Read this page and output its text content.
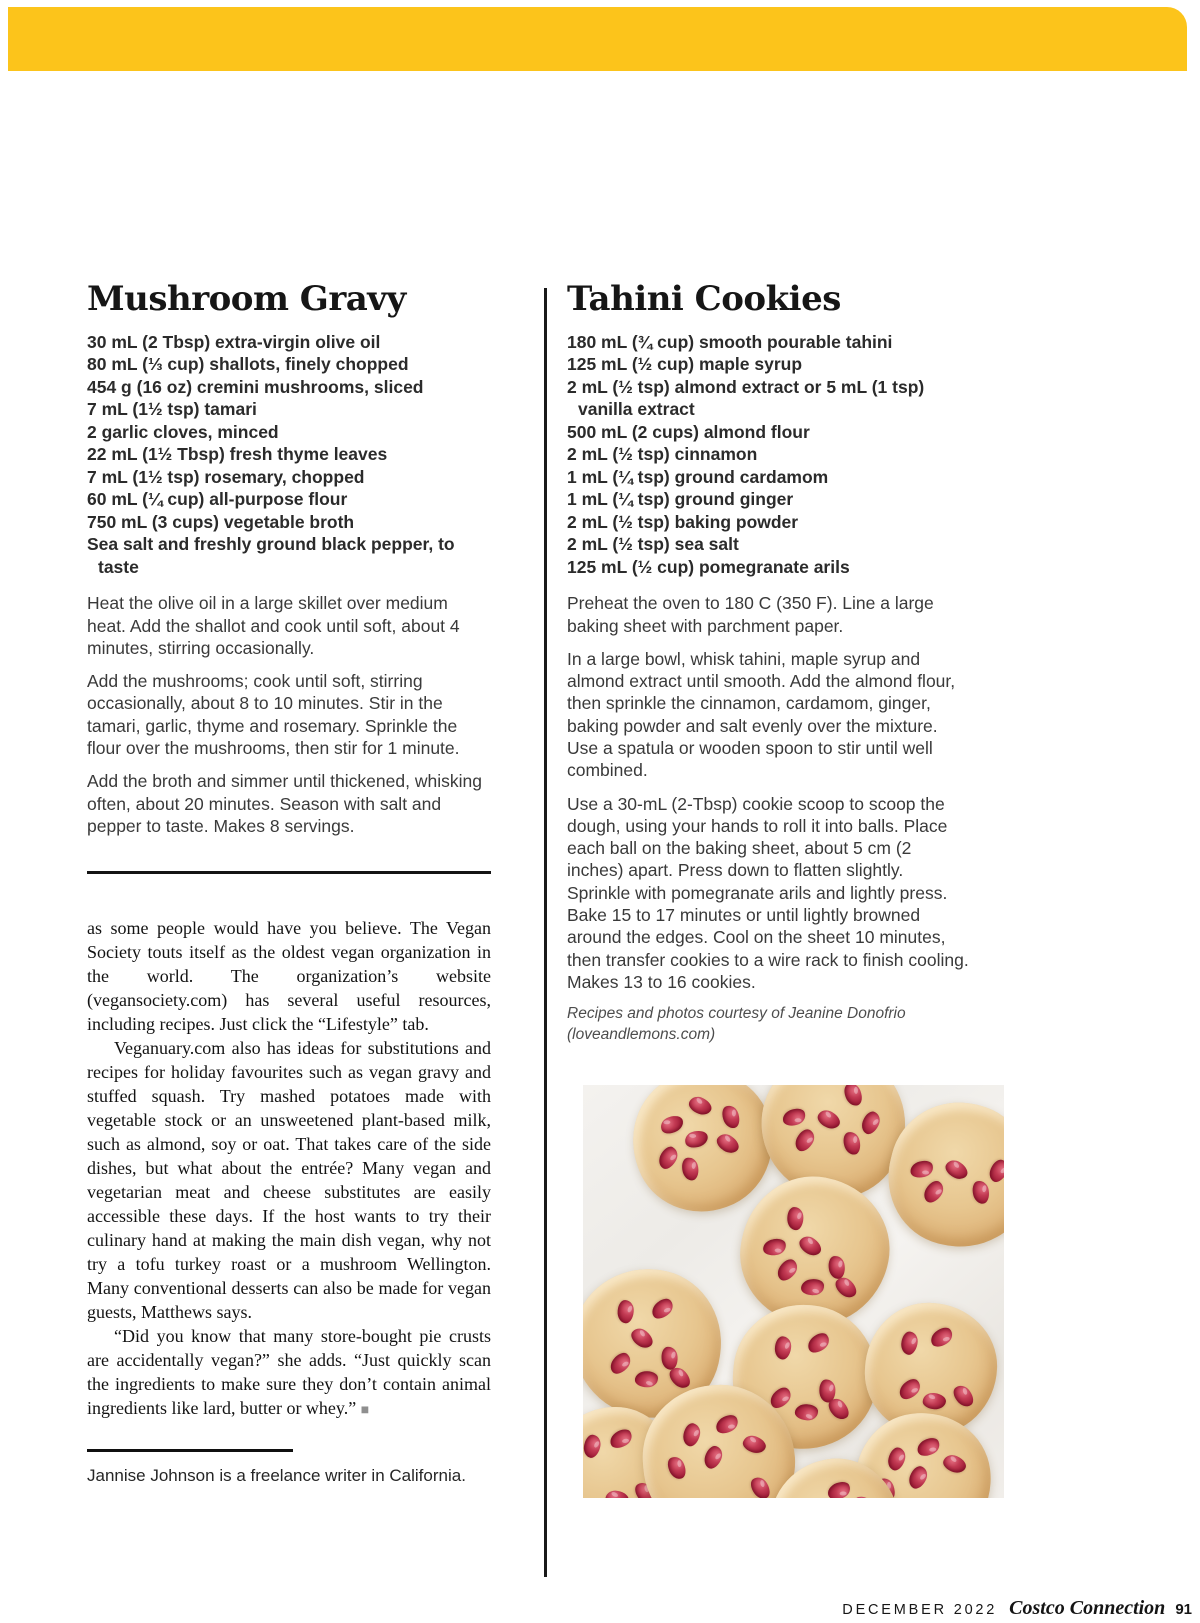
Mushroom Gravy
30 mL (2 Tbsp) extra-virgin olive oil
80 mL (⅓ cup) shallots, finely chopped
454 g (16 oz) cremini mushrooms, sliced
7 mL (1½ tsp) tamari
2 garlic cloves, minced
22 mL (1½ Tbsp) fresh thyme leaves
7 mL (1½ tsp) rosemary, chopped
60 mL (¼ cup) all-purpose flour
750 mL (3 cups) vegetable broth
Sea salt and freshly ground black pepper, to taste

Heat the olive oil in a large skillet over medium heat. Add the shallot and cook until soft, about 4 minutes, stirring occasionally.

Add the mushrooms; cook until soft, stirring occasionally, about 8 to 10 minutes. Stir in the tamari, garlic, thyme and rosemary. Sprinkle the flour over the mushrooms, then stir for 1 minute.

Add the broth and simmer until thickened, whisking often, about 20 minutes. Season with salt and pepper to taste. Makes 8 servings.

as some people would have you believe. The Vegan Society touts itself as the oldest vegan organization in the world. The organization’s website (vegansociety.com) has several useful resources, including recipes. Just click the “Lifestyle” tab.

Veganuary.com also has ideas for substitutions and recipes for holiday favourites such as vegan gravy and stuffed squash. Try mashed potatoes made with vegetable stock or an unsweetened plant-based milk, such as almond, soy or oat. That takes care of the side dishes, but what about the entrée? Many vegan and vegetarian meat and cheese substitutes are easily accessible these days. If the host wants to try their culinary hand at making the main dish vegan, why not try a tofu turkey roast or a mushroom Wellington. Many conventional desserts can also be made for vegan guests, Matthews says.

“Did you know that many store-bought pie crusts are accidentally vegan?” she adds. “Just quickly scan the ingredients to make sure they don’t contain animal ingredients like lard, butter or whey.” ■

Jannise Johnson is a freelance writer in California.

Tahini Cookies
180 mL (¾ cup) smooth pourable tahini
125 mL (½ cup) maple syrup
2 mL (½ tsp) almond extract or 5 mL (1 tsp) vanilla extract
500 mL (2 cups) almond flour
2 mL (½ tsp) cinnamon
1 mL (¼ tsp) ground cardamom
1 mL (¼ tsp) ground ginger
2 mL (½ tsp) baking powder
2 mL (½ tsp) sea salt
125 mL (½ cup) pomegranate arils

Preheat the oven to 180 C (350 F). Line a large baking sheet with parchment paper.

In a large bowl, whisk tahini, maple syrup and almond extract until smooth. Add the almond flour, then sprinkle the cinnamon, cardamom, ginger, baking powder and salt evenly over the mixture. Use a spatula or wooden spoon to stir until well combined.

Use a 30-mL (2-Tbsp) cookie scoop to scoop the dough, using your hands to roll it into balls. Place each ball on the baking sheet, about 5 cm (2 inches) apart. Press down to flatten slightly. Sprinkle with pomegranate arils and lightly press. Bake 15 to 17 minutes or until lightly browned around the edges. Cool on the sheet 10 minutes, then transfer cookies to a wire rack to finish cooling. Makes 13 to 16 cookies.

Recipes and photos courtesy of Jeanine Donofrio (loveandlemons.com)

DECEMBER 2022 Costco Connection 91
